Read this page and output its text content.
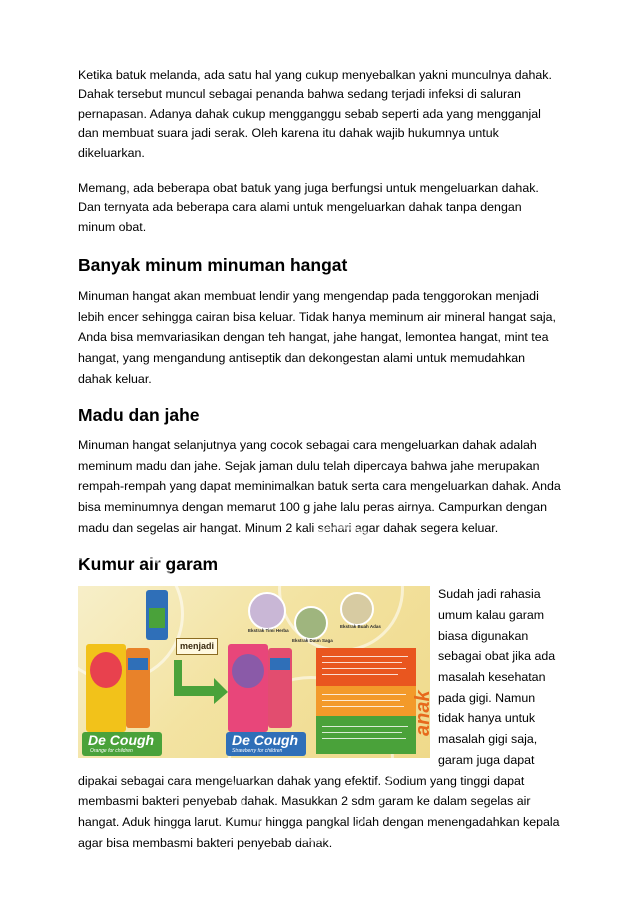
Ketika batuk melanda, ada satu hal yang cukup menyebalkan yakni munculnya dahak. Dahak tersebut muncul sebagai penanda bahwa sedang terjadi infeksi di saluran pernapasan. Adanya dahak cukup mengganggu sebab seperti ada yang mengganjal dan membuat suara jadi serak. Oleh karena itu dahak wajib hukumnya untuk dikeluarkan.

Memang, ada beberapa obat batuk yang juga berfungsi untuk mengeluarkan dahak. Dan ternyata ada beberapa cara alami untuk mengeluarkan dahak tanpa dengan minum obat.

Banyak minum minuman hangat

Minuman hangat akan membuat lendir yang mengendap pada tenggorokan menjadi lebih encer sehingga cairan bisa keluar. Tidak hanya meminum air mineral hangat saja, Anda bisa memvariasikan dengan teh hangat, jahe hangat, lemontea hangat, mint tea hangat, yang mengandung antiseptik dan dekongestan alami untuk memudahkan dahak keluar.

Madu dan jahe

Minuman hangat selanjutnya yang cocok sebagai cara mengeluarkan dahak adalah meminum madu dan jahe. Sejak jaman dulu telah dipercaya bahwa jahe merupakan rempah-rempah yang dapat meminimalkan batuk serta cara mengeluarkan dahak. Anda bisa meminumnya dengan memarut 100 g jahe lalu peras airnya. Campurkan dengan madu dan segelas air hangat. Minum 2 kali sehari agar dahak segera keluar.

Kumur air garam
menjadi
De Cough
Orange for children
De Cough
Strawberry for children
Ekstrak Timi Herba
Ekstrak Buah Adas
Ekstrak Daun Saga
anak

Sudah jadi rahasia umum kalau garam biasa digunakan sebagai obat jika ada masalah kesehatan pada gigi. Namun tidak hanya untuk masalah gigi saja, garam juga dapat dipakai sebagai cara mengeluarkan dahak yang efektif. Sodium yang tinggi dapat membasmi bakteri penyebab dahak. Masukkan 2 sdm garam ke dalam segelas air hangat. Aduk hingga larut. Kumur hingga pangkal lidah dengan menengadahkan kepala agar bisa membasmi bakteri penyebab dahak.
